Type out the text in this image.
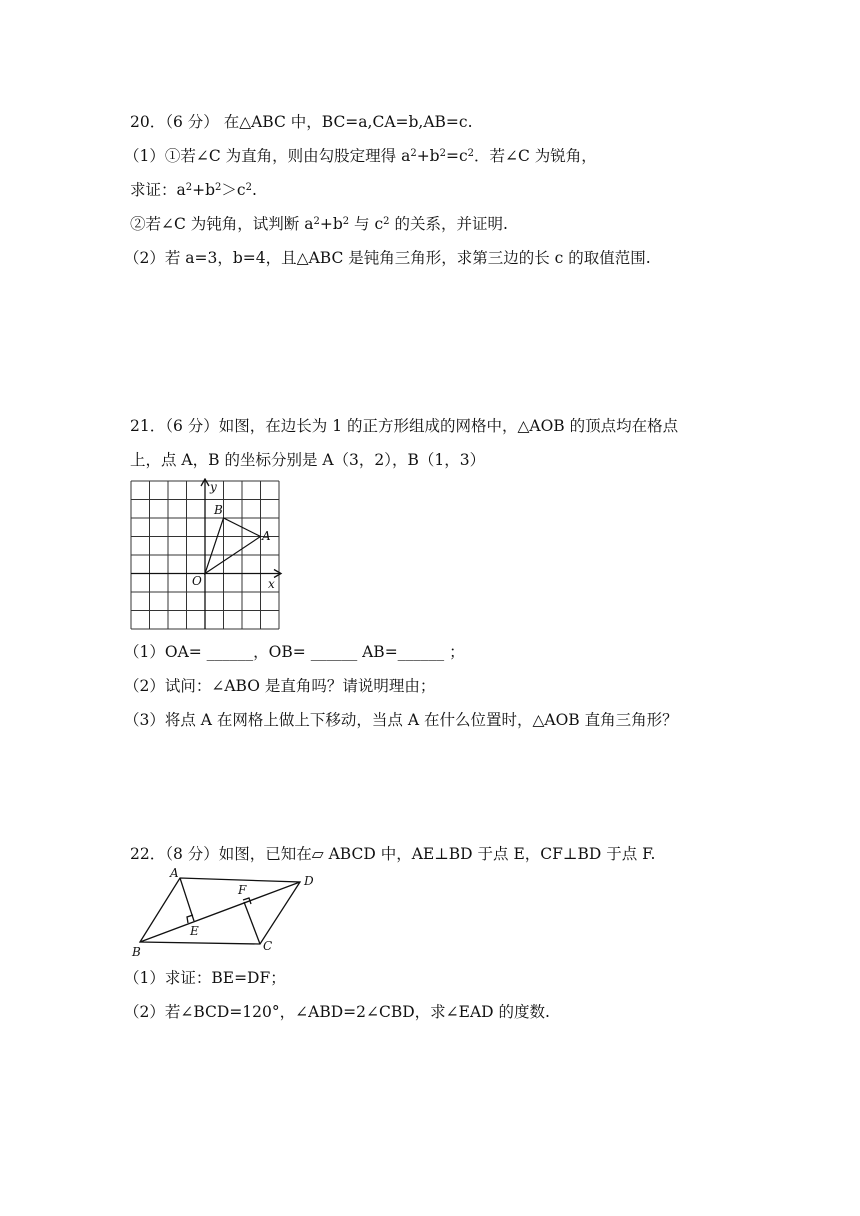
20．（6 分） 在△ABC 中，BC=a,CA=b,AB=c.
（1）①若∠C 为直角，则由勾股定理得 $a^2+b^2=c^2$．若∠C 为锐角，
求证：$a^2+b^2>c^2$.
②若∠C 为钝角，试判断 $a^2+b^2$ 与 $c^2$ 的关系，并证明.
（2）若 a=3，b=4，且△ABC 是钝角三角形，求第三边的长 c 的取值范围.
21．（6 分）如图，在边长为 1 的正方形组成的网格中，△AOB 的顶点均在格点
上，点 A，B 的坐标分别是 A（3，2），B（1，3）
y
x
O
A
B
（1）OA= ______，OB= ______ AB=______ ；
（2）试问：∠ABO 是直角吗？请说明理由；
（3）将点 A 在网格上做上下移动，当点 A 在什么位置时，△AOB 直角三角形？
22．（8 分）如图，已知在▱ ABCD 中，AE⊥BD 于点 E，CF⊥BD 于点 F.
A
D
B	C
E
F
（1）求证：BE=DF；
（2）若∠BCD=120°，∠ABD=2∠CBD，求∠EAD 的度数.
